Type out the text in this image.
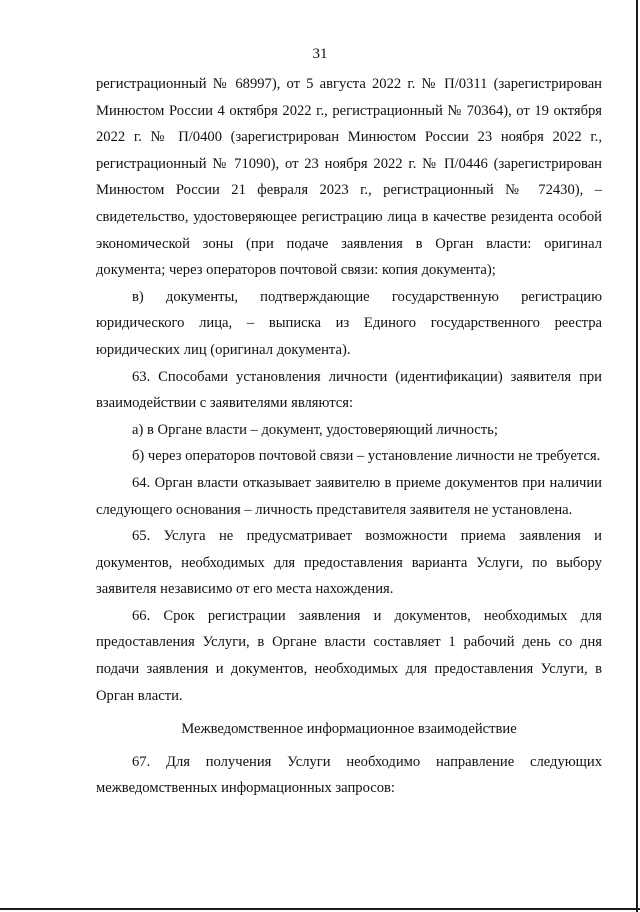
31

регистрационный № 68997), от 5 августа 2022 г. № П/0311 (зарегистрирован Минюстом России 4 октября 2022 г., регистрационный № 70364), от 19 октября 2022 г. № П/0400 (зарегистрирован Минюстом России 23 ноября 2022 г., регистрационный № 71090), от 23 ноября 2022 г. № П/0446 (зарегистрирован Минюстом России 21 февраля 2023 г., регистрационный № 72430), – свидетельство, удостоверяющее регистрацию лица в качестве резидента особой экономической зоны (при подаче заявления в Орган власти: оригинал документа; через операторов почтовой связи: копия документа);

в) документы, подтверждающие государственную регистрацию юридического лица, – выписка из Единого государственного реестра юридических лиц (оригинал документа).

63. Способами установления личности (идентификации) заявителя при взаимодействии с заявителями являются:

а) в Органе власти – документ, удостоверяющий личность;

б) через операторов почтовой связи – установление личности не требуется.

64. Орган власти отказывает заявителю в приеме документов при наличии следующего основания – личность представителя заявителя не установлена.

65. Услуга не предусматривает возможности приема заявления и документов, необходимых для предоставления варианта Услуги, по выбору заявителя независимо от его места нахождения.

66. Срок регистрации заявления и документов, необходимых для предоставления Услуги, в Органе власти составляет 1 рабочий день со дня подачи заявления и документов, необходимых для предоставления Услуги, в Орган власти.

Межведомственное информационное взаимодействие

67. Для получения Услуги необходимо направление следующих межведомственных информационных запросов:
